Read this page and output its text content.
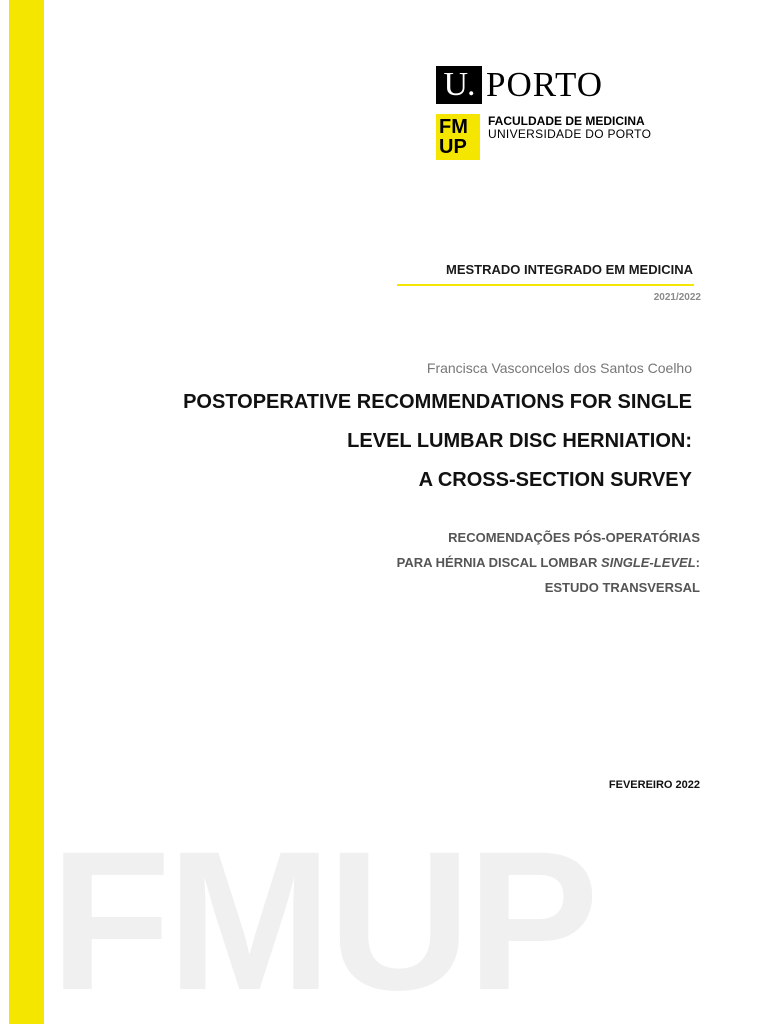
U. PORTO
FM
UP
FACULDADE DE MEDICINA
UNIVERSIDADE DO PORTO
MESTRADO INTEGRADO EM MEDICINA
2021/2022
Francisca Vasconcelos dos Santos Coelho
POSTOPERATIVE RECOMMENDATIONS FOR SINGLE
LEVEL LUMBAR DISC HERNIATION:
A CROSS-SECTION SURVEY
RECOMENDAÇÕES PÓS-OPERATÓRIAS
PARA HÉRNIA DISCAL LOMBAR SINGLE-LEVEL:
ESTUDO TRANSVERSAL
FEVEREIRO 2022
FMUP
